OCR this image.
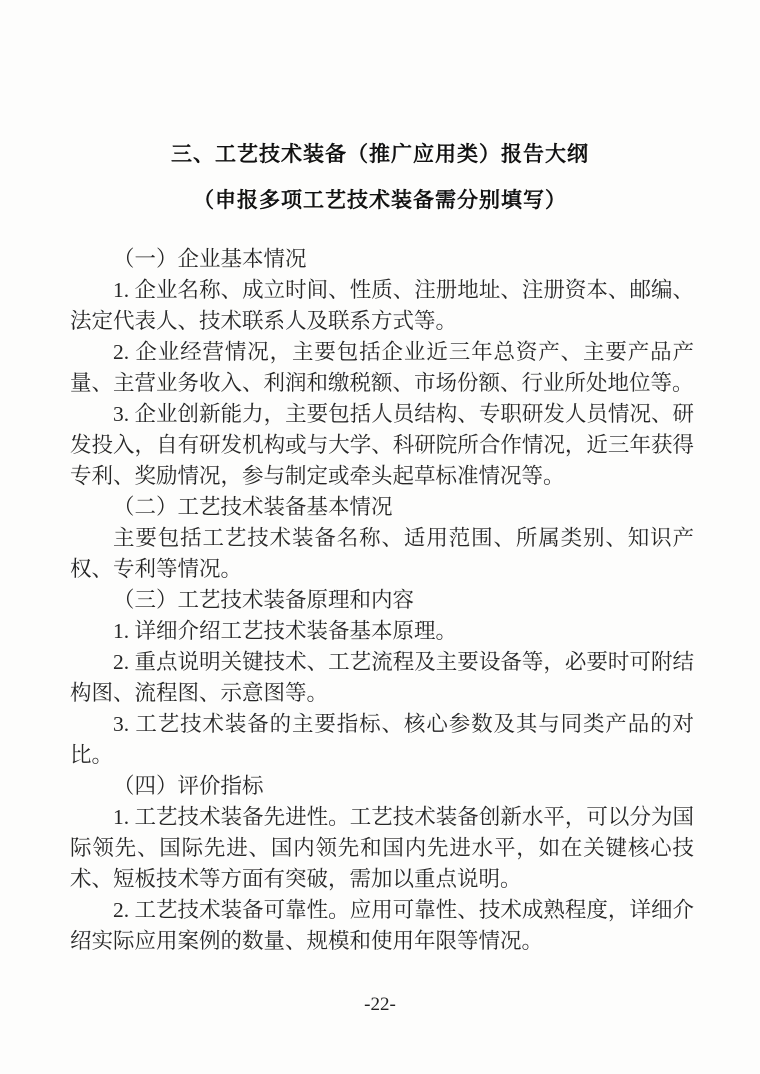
三、工艺技术装备（推广应用类）报告大纲
（申报多项工艺技术装备需分别填写）

（一）企业基本情况

1. 企业名称、成立时间、性质、注册地址、注册资本、邮编、法定代表人、技术联系人及联系方式等。

2. 企业经营情况，主要包括企业近三年总资产、主要产品产量、主营业务收入、利润和缴税额、市场份额、行业所处地位等。

3. 企业创新能力，主要包括人员结构、专职研发人员情况、研发投入，自有研发机构或与大学、科研院所合作情况，近三年获得专利、奖励情况，参与制定或牵头起草标准情况等。

（二）工艺技术装备基本情况

主要包括工艺技术装备名称、适用范围、所属类别、知识产权、专利等情况。

（三）工艺技术装备原理和内容

1. 详细介绍工艺技术装备基本原理。

2. 重点说明关键技术、工艺流程及主要设备等，必要时可附结构图、流程图、示意图等。

3. 工艺技术装备的主要指标、核心参数及其与同类产品的对比。

（四）评价指标

1. 工艺技术装备先进性。工艺技术装备创新水平，可以分为国际领先、国际先进、国内领先和国内先进水平，如在关键核心技术、短板技术等方面有突破，需加以重点说明。

2. 工艺技术装备可靠性。应用可靠性、技术成熟程度，详细介绍实际应用案例的数量、规模和使用年限等情况。

-22-
